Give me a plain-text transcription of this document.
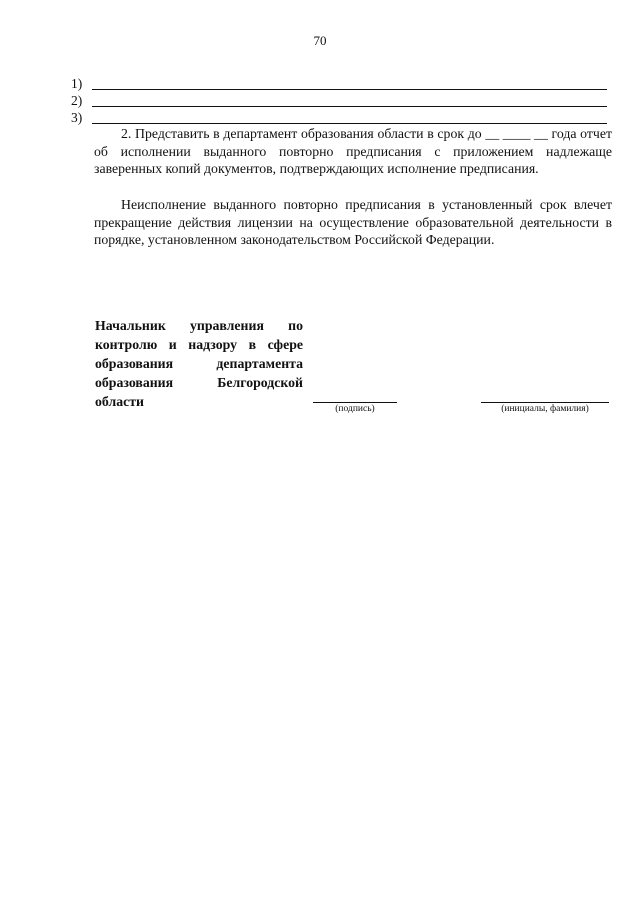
70
1)
2)
3)

2. Представить в департамент образования области в срок до __ ____ __ года отчет об исполнении выданного повторно предписания с приложением надлежаще заверенных копий документов, подтверждающих исполнение предписания.

Неисполнение выданного повторно предписания в установленный срок влечет прекращение действия лицензии на осуществление образовательной деятельности в порядке, установленном законодательством Российской Федерации.

Начальник управления по
контролю и надзору в сфере
образования департамента
образования Белгородской
области	(подпись)	(инициалы, фамилия)
